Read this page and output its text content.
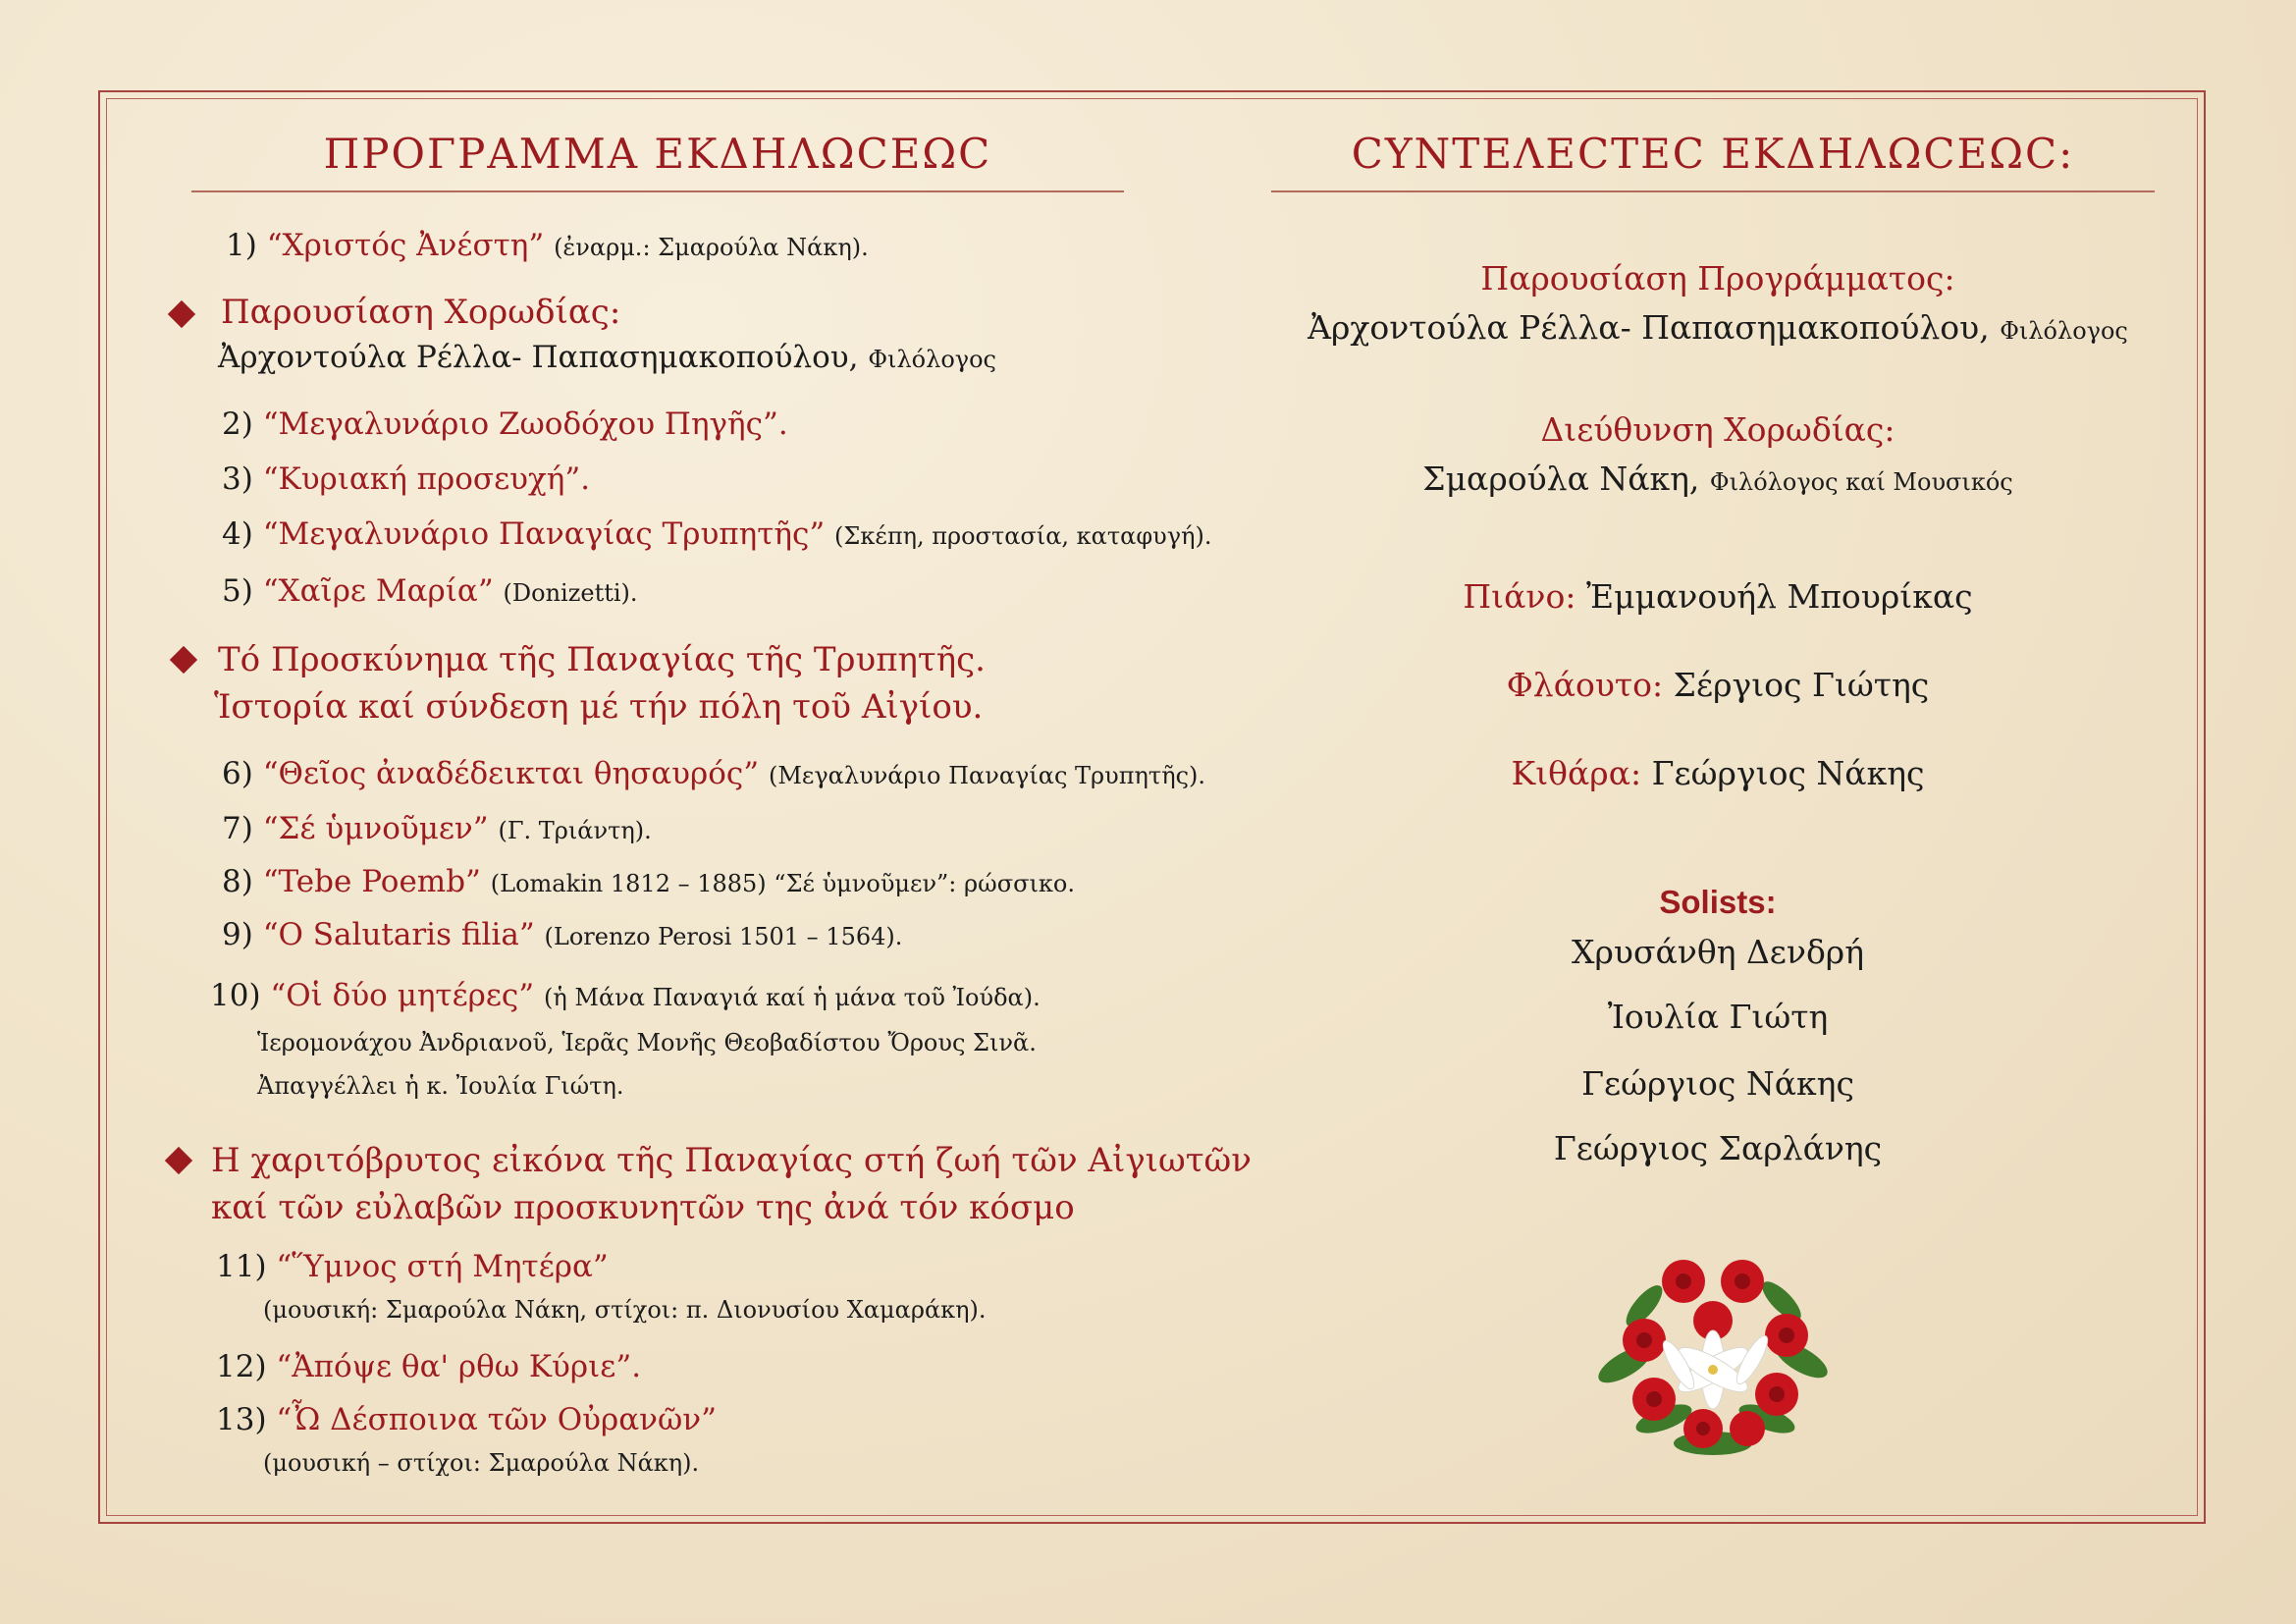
ΠΡΟΓΡΑΜΜΑ ΕΚΔΗΛΩCΕΩC
1) “Χριστός Ἀνέστη” (ἐναρμ.: Σμαρούλα Νάκη).
Παρουσίαση Χορωδίας:
Ἀρχοντούλα Ρέλλα- Παπασημακοπούλου, Φιλόλογος
2) “Μεγαλυνάριο Ζωοδόχου Πηγῆς”.
3) “Κυριακή προσευχή”.
4) “Μεγαλυνάριο Παναγίας Τρυπητῆς” (Σκέπη, προστασία, καταφυγή).
5) “Χαῖρε Μαρία” (Donizetti).
Τό Προσκύνημα τῆς Παναγίας τῆς Τρυπητῆς.
Ἱστορία καί σύνδεση μέ τήν πόλη τοῦ Αἰγίου.
6) “Θεῖος ἀναδέδεικται θησαυρός” (Μεγαλυνάριο Παναγίας Τρυπητῆς).
7) “Σέ ὑμνοῦμεν” (Γ. Τριάντη).
8) “Tebe Poemb” (Lomakin 1812 – 1885) “Σέ ὑμνοῦμεν”: ρώσσικο.
9) “O Salutaris filia” (Lorenzo Perosi 1501 – 1564).
10) “Οἱ δύο μητέρες” (ἡ Μάνα Παναγιά καί ἡ μάνα τοῦ Ἰούδα).
Ἱερομονάχου Ἀνδριανοῦ, Ἱερᾶς Μονῆς Θεοβαδίστου Ὄρους Σινᾶ.
Ἀπαγγέλλει ἡ κ. Ἰουλία Γιώτη.
Η χαριτόβρυτος εἰκόνα τῆς Παναγίας στή ζωή τῶν Αἰγιωτῶν
καί τῶν εὐλαβῶν προσκυνητῶν της ἀνά τόν κόσμο
11) “Ὕμνος στή Μητέρα”
(μουσική: Σμαρούλα Νάκη, στίχοι: π. Διονυσίου Χαμαράκη).
12) “Ἀπόψε θα' ρθω Κύριε”.
13) “Ὦ Δέσποινα τῶν Οὐρανῶν”
(μουσική – στίχοι: Σμαρούλα Νάκη).
CΥΝΤΕΛΕCΤΕC ΕΚΔΗΛΩCΕΩC:
Παρουσίαση Προγράμματος:
Ἀρχοντούλα Ρέλλα- Παπασημακοπούλου, Φιλόλογος
Διεύθυνση Χορωδίας:
Σμαρούλα Νάκη, Φιλόλογος καί Μουσικός
Πιάνο: Ἐμμανουήλ Μπουρίκας
Φλάουτο: Σέργιος Γιώτης
Κιθάρα: Γεώργιος Νάκης
Solists:
Χρυσάνθη Δενδρή
Ἰουλία Γιώτη
Γεώργιος Νάκης
Γεώργιος Σαρλάνης
